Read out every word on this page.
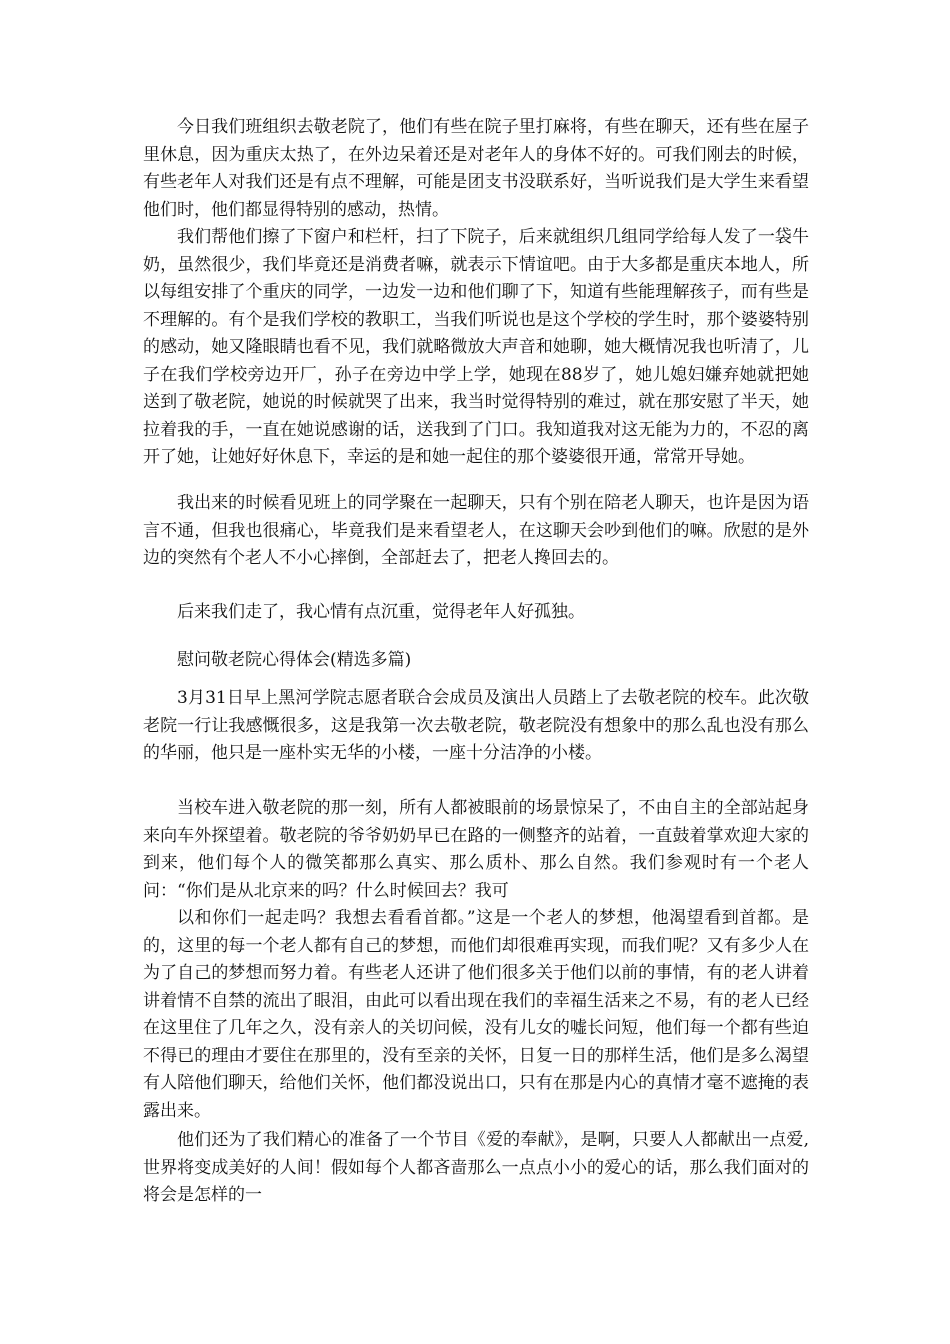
今日我们班组织去敬老院了，他们有些在院子里打麻将，有些在聊天，还有些在屋子里休息，因为重庆太热了，在外边呆着还是对老年人的身体不好的。可我们刚去的时候，有些老年人对我们还是有点不理解，可能是团支书没联系好，当听说我们是大学生来看望他们时，他们都显得特别的感动，热情。

我们帮他们擦了下窗户和栏杆，扫了下院子，后来就组织几组同学给每人发了一袋牛奶，虽然很少，我们毕竟还是消费者嘛，就表示下情谊吧。由于大多都是重庆本地人，所以每组安排了个重庆的同学，一边发一边和他们聊了下，知道有些能理解孩子，而有些是不理解的。有个是我们学校的教职工，当我们听说也是这个学校的学生时，那个婆婆特别的感动，她又隆眼睛也看不见，我们就略微放大声音和她聊，她大概情况我也听清了，儿子在我们学校旁边开厂，孙子在旁边中学上学，她现在88岁了，她儿媳妇嫌弃她就把她送到了敬老院，她说的时候就哭了出来，我当时觉得特别的难过，就在那安慰了半天，她拉着我的手，一直在她说感谢的话，送我到了门口。我知道我对这无能为力的，不忍的离开了她，让她好好休息下，幸运的是和她一起住的那个婆婆很开通，常常开导她。

我出来的时候看见班上的同学聚在一起聊天，只有个别在陪老人聊天，也许是因为语言不通，但我也很痛心，毕竟我们是来看望老人，在这聊天会吵到他们的嘛。欣慰的是外边的突然有个老人不小心摔倒，全部赶去了，把老人搀回去的。

后来我们走了，我心情有点沉重，觉得老年人好孤独。

慰问敬老院心得体会(精选多篇)

3月31日早上黑河学院志愿者联合会成员及演出人员踏上了去敬老院的校车。此次敬老院一行让我感慨很多，这是我第一次去敬老院，敬老院没有想象中的那么乱也没有那么的华丽，他只是一座朴实无华的小楼，一座十分洁净的小楼。

当校车进入敬老院的那一刻，所有人都被眼前的场景惊呆了，不由自主的全部站起身来向车外探望着。敬老院的爷爷奶奶早已在路的一侧整齐的站着，一直鼓着掌欢迎大家的到来，他们每个人的微笑都那么真实、那么质朴、那么自然。我们参观时有一个老人问：“你们是从北京来的吗？什么时候回去？我可

以和你们一起走吗？我想去看看首都。”这是一个老人的梦想，他渴望看到首都。是的，这里的每一个老人都有自己的梦想，而他们却很难再实现，而我们呢？又有多少人在为了自己的梦想而努力着。有些老人还讲了他们很多关于他们以前的事情，有的老人讲着讲着情不自禁的流出了眼泪，由此可以看出现在我们的幸福生活来之不易，有的老人已经在这里住了几年之久，没有亲人的关切问候，没有儿女的嘘长问短，他们每一个都有些迫不得已的理由才要住在那里的，没有至亲的关怀，日复一日的那样生活，他们是多么渴望有人陪他们聊天，给他们关怀，他们都没说出口，只有在那是内心的真情才毫不遮掩的表露出来。

他们还为了我们精心的准备了一个节目《爱的奉献》，是啊，只要人人都献出一点爱,世界将变成美好的人间！假如每个人都吝啬那么一点点小小的爱心的话，那么我们面对的将会是怎样的一
